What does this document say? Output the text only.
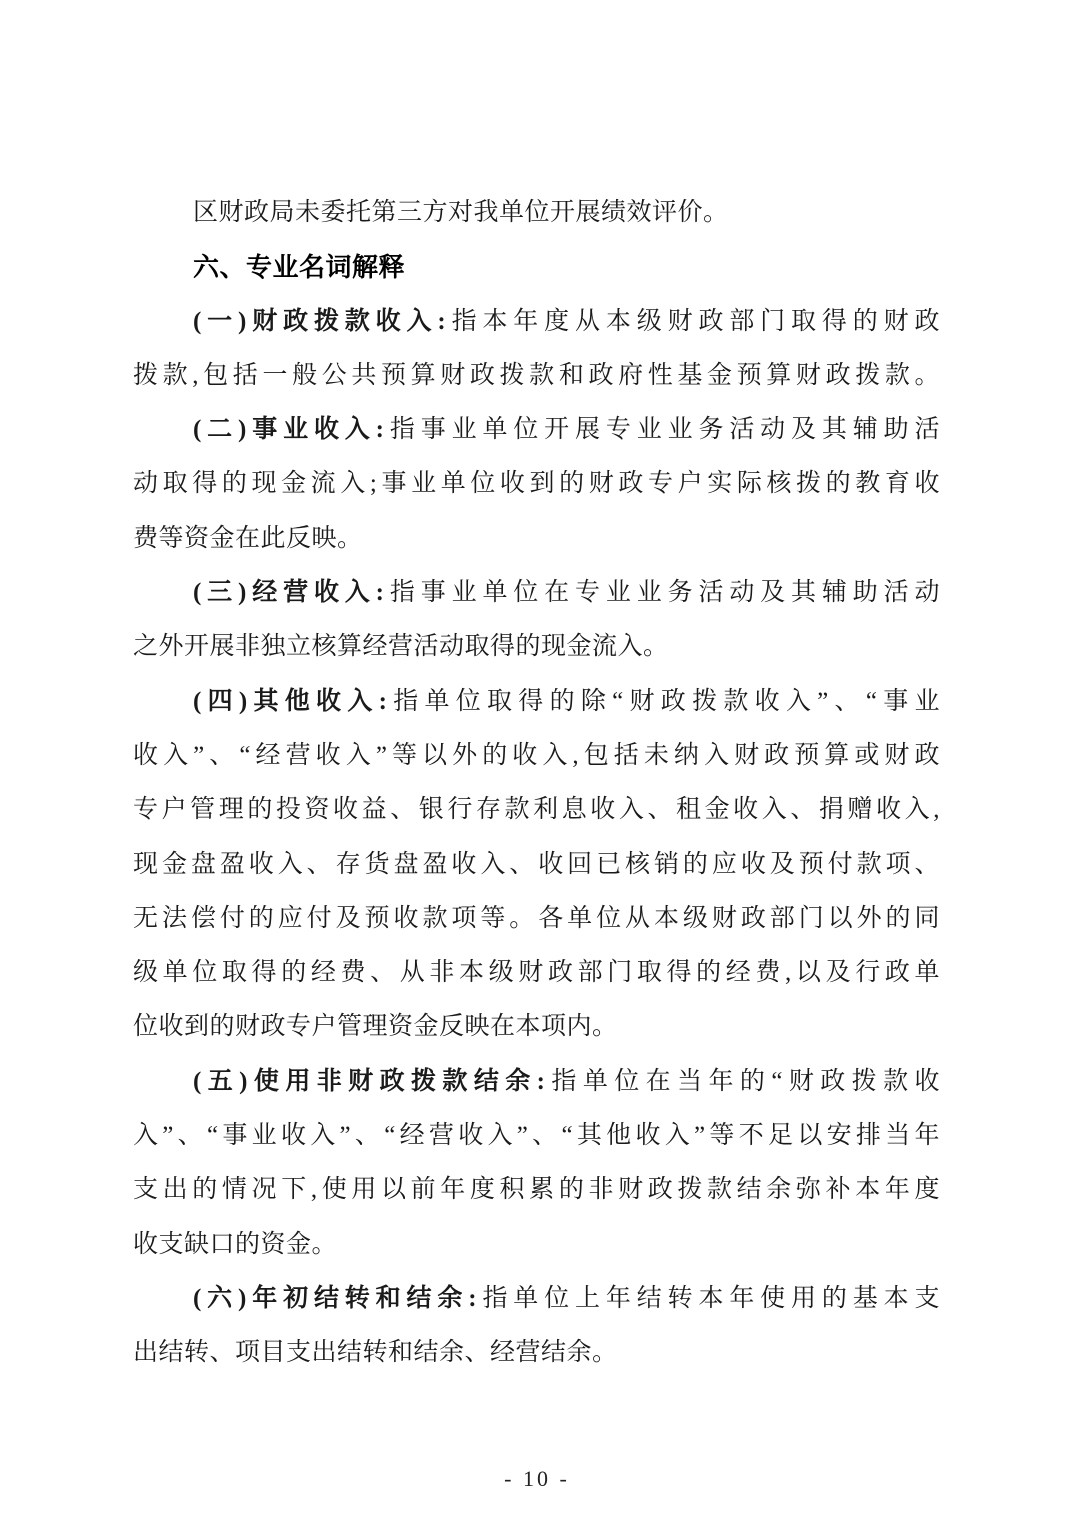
区财政局未委托第三方对我单位开展绩效评价。
六、专业名词解释
(一)财政拨款收入:指本年度从本级财政部门取得的财政
拨款,包括一般公共预算财政拨款和政府性基金预算财政拨款。
(二)事业收入:指事业单位开展专业业务活动及其辅助活
动取得的现金流入;事业单位收到的财政专户实际核拨的教育收
费等资金在此反映。
(三)经营收入:指事业单位在专业业务活动及其辅助活动
之外开展非独立核算经营活动取得的现金流入。
(四)其他收入:指单位取得的除“财政拨款收入”、“事业
收入”、“经营收入”等以外的收入,包括未纳入财政预算或财政
专户管理的投资收益、银行存款利息收入、租金收入、捐赠收入,
现金盘盈收入、存货盘盈收入、收回已核销的应收及预付款项、
无法偿付的应付及预收款项等。各单位从本级财政部门以外的同
级单位取得的经费、从非本级财政部门取得的经费,以及行政单
位收到的财政专户管理资金反映在本项内。
(五)使用非财政拨款结余:指单位在当年的“财政拨款收
入”、“事业收入”、“经营收入”、“其他收入”等不足以安排当年
支出的情况下,使用以前年度积累的非财政拨款结余弥补本年度
收支缺口的资金。
(六)年初结转和结余:指单位上年结转本年使用的基本支
出结转、项目支出结转和结余、经营结余。
- 10 -
